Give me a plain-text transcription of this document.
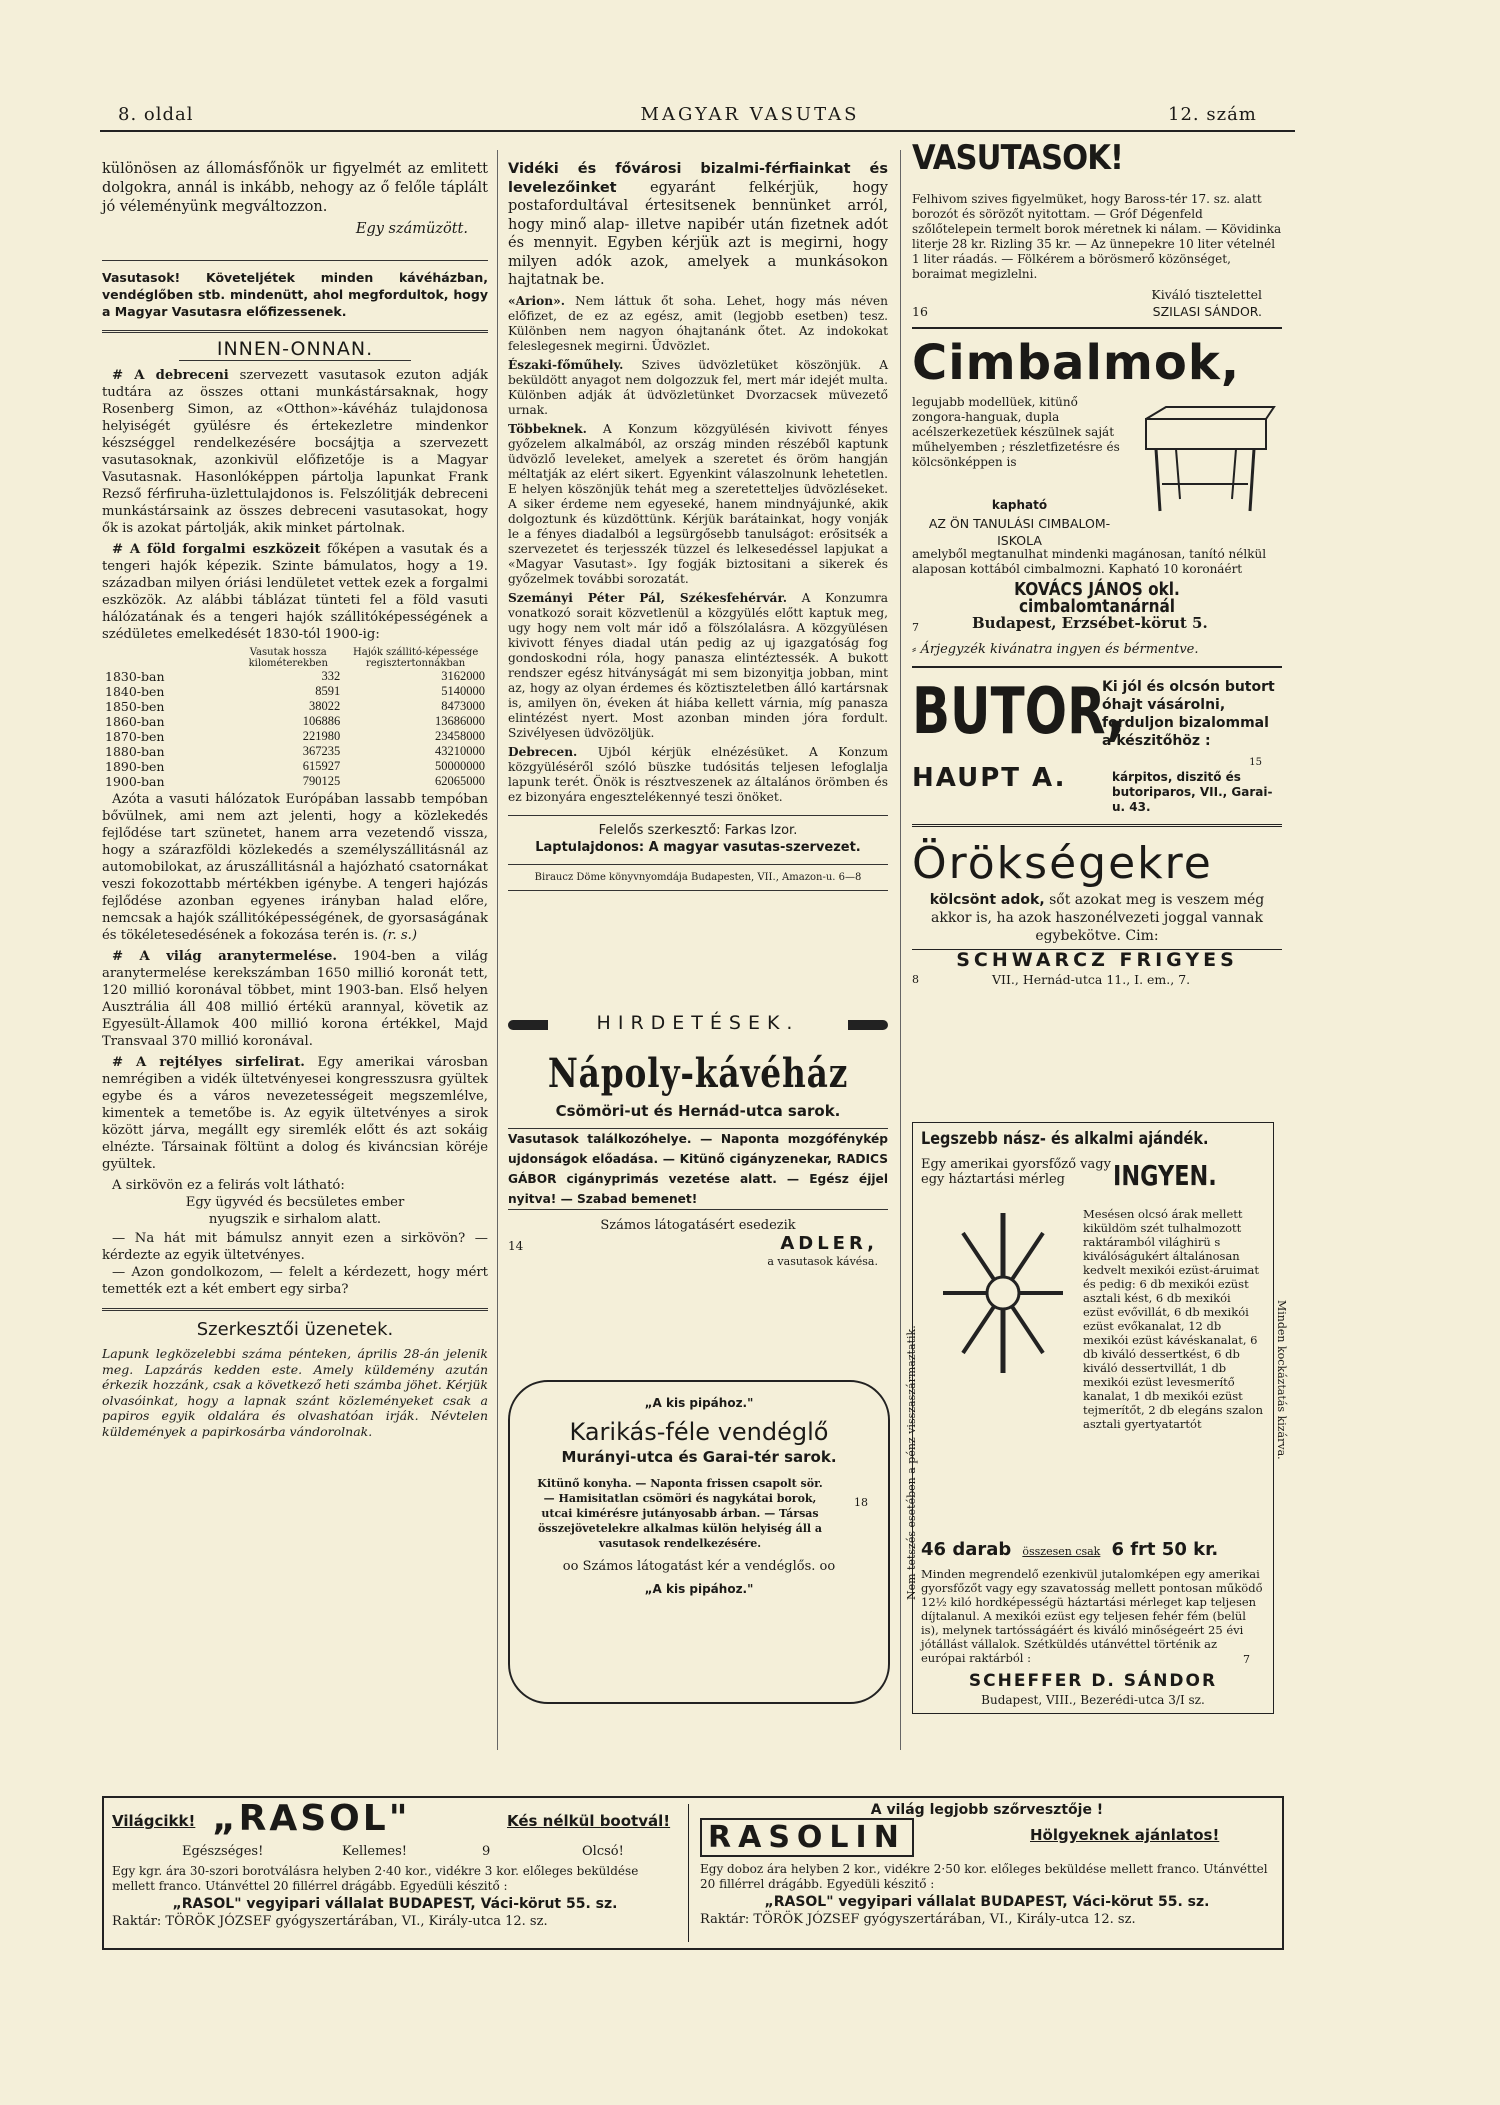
8. oldal	MAGYAR VASUTAS	12. szám

különösen az állomásfőnök ur figyelmét az emlitett dolgokra, annál is inkább, nehogy az ő felőle táplált jó véleményünk megváltozzon.

Egy számüzött.

Vasutasok! Követeljétek minden kávéházban, vendéglőben stb. mindenütt, ahol megfordultok, hogy a Magyar Vasutasra előfizessenek.

INNEN-ONNAN.

# A debreceni szervezett vasutasok ezuton adják tudtára az összes ottani munkástársaknak, hogy Rosenberg Simon, az «Otthon»-kávéház tulajdonosa helyiségét gyülésre és értekezletre mindenkor készséggel rendelkezésére bocsájtja a szervezett vasutasoknak, azonkivül előfizetője is a Magyar Vasutasnak. Hasonlóképpen pártolja lapunkat Frank Rezső férfiruha-üzlettulajdonos is. Felszólitják debreceni munkástársaink az összes debreceni vasutasokat, hogy ők is azokat pártolják, akik minket pártolnak.

# A föld forgalmi eszközeit főképen a vasutak és a tengeri hajók képezik. Szinte bámulatos, hogy a 19. században milyen óriási lendületet vettek ezek a forgalmi eszközök. Az alábbi táblázat tünteti fel a föld vasuti hálózatának és a tengeri hajók szállitóképességének a szédületes emelkedését 1830-tól 1900-ig:

	Vasutak hossza kilométerekben	Hajók szállitó-képessége regisztertonnákban
1830-ban	332	3162000
1840-ben	8591	5140000
1850-ben	38022	8473000
1860-ban	106886	13686000
1870-ben	221980	23458000
1880-ban	367235	43210000
1890-ben	615927	50000000
1900-ban	790125	62065000

Azóta a vasuti hálózatok Európában lassabb tempóban bővülnek, ami nem azt jelenti, hogy a közlekedés fejlődése tart szünetet, hanem arra vezetendő vissza, hogy a szárazföldi közlekedés a személyszállitásnál az automobilokat, az áruszállitásnál a hajózható csatornákat veszi fokozottabb mértékben igénybe. A tengeri hajózás fejlődése azonban egyenes irányban halad előre, nemcsak a hajók szállitóképességének, de gyorsaságának és tökéletesedésének a fokozása terén is. (r. s.)

# A világ aranytermelése. 1904-ben a világ aranytermelése kerekszámban 1650 millió koronát tett, 120 millió koronával többet, mint 1903-ban. Első helyen Ausztrália áll 408 millió értékü arannyal, követik az Egyesült-Államok 400 millió korona értékkel, Majd Transvaal 370 millió koronával.

# A rejtélyes sirfelirat. Egy amerikai városban nemrégiben a vidék ültetvényesei kongresszusra gyültek egybe és a város nevezetességeit megszemlélve, kimentek a temetőbe is. Az egyik ültetvényes a sirok között járva, megállt egy siremlék előtt és azt sokáig elnézte. Társainak föltünt a dolog és kiváncsian köréje gyültek.

A sirkövön ez a felirás volt látható:

Egy ügyvéd és becsületes ember

nyugszik e sirhalom alatt.

— Na hát mit bámulsz annyit ezen a sirkövön? — kérdezte az egyik ültetvényes.

— Azon gondolkozom, — felelt a kérdezett, hogy mért temették ezt a két embert egy sirba?

Szerkesztői üzenetek.

Lapunk legközelebbi száma pénteken, április 28-án jelenik meg. Lapzárás kedden este. Amely küldemény azután érkezik hozzánk, csak a következő heti számba jöhet. Kérjük olvasóinkat, hogy a lapnak szánt közleményeket csak a papiros egyik oldalára és olvashatóan irják. Névtelen küldemények a papirkosárba vándorolnak.

Vidéki és fővárosi bizalmi-férfiainkat és levelezőinket egyaránt felkérjük, hogy postafordultával értesitsenek bennünket arról, hogy minő alap- illetve napibér után fizetnek adót és mennyit. Egyben kérjük azt is megirni, hogy milyen adók azok, amelyek a munkásokon hajtatnak be.

«Arion». Nem láttuk őt soha. Lehet, hogy más néven előfizet, de ez az egész, amit (legjobb esetben) tesz. Különben nem nagyon óhajtanánk őtet. Az indokokat feleslegesnek megirni. Üdvözlet.

Északi-főműhely. Szives üdvözletüket köszönjük. A beküldött anyagot nem dolgozzuk fel, mert már idejét multa. Különben adják át üdvözletünket Dvorzacsek müvezető urnak.

Többeknek. A Konzum közgyülésén kivivott fényes győzelem alkalmából, az ország minden részéből kaptunk üdvözlő leveleket, amelyek a szeretet és öröm hangján méltatják az elért sikert. Egyenkint válaszolnunk lehetetlen. E helyen köszönjük tehát meg a szeretetteljes üdvözléseket. A siker érdeme nem egyeseké, hanem mindnyájunké, akik dolgoztunk és küzdöttünk. Kérjük barátainkat, hogy vonják le a fényes diadalból a legsürgősebb tanulságot: erősitsék a szervezetet és terjesszék tüzzel és lelkesedéssel lapjukat a «Magyar Vasutast». Igy fogják biztositani a sikerek és győzelmek további sorozatát.

Szemányi Péter Pál, Székesfehérvár. A Konzumra vonatkozó sorait közvetlenül a közgyülés előtt kaptuk meg, ugy hogy nem volt már idő a fölszólalásra. A közgyülésen kivivott fényes diadal után pedig az uj igazgatóság fog gondoskodni róla, hogy panasza elintéztessék. A bukott rendszer egész hitványságát mi sem bizonyitja jobban, mint az, hogy az olyan érdemes és köztiszteletben álló kartársnak is, amilyen ön, éveken át hiába kellett várnia, míg panasza elintézést nyert. Most azonban minden jóra fordult. Szivélyesen üdvözöljük.

Debrecen. Ujból kérjük elnézésüket. A Konzum közgyüléséről szóló büszke tudósitás teljesen lefoglalja lapunk terét. Önök is résztveszenek az általános örömben és ez bizonyára engesztelékennyé teszi önöket.

Felelős szerkesztő: Farkas Izor.
Laptulajdonos: A magyar vasutas-szervezet.
Biraucz Döme könyvnyomdája Budapesten, VII., Amazon-u. 6—8
HIRDETÉSEK.
Nápoly-kávéház
Csömöri-ut és Hernád-utca sarok.

Vasutasok találkozóhelye. — Naponta mozgófénykép ujdonságok előadása. — Kitünő cigányzenekar, RADICS GÁBOR cigányprimás vezetése alatt. — Egész éjjel nyitva! — Szabad bemenet!

Számos látogatásért esedezik
14	ADLER,
a vasutasok kávésa.
„A kis pipához."
Karikás-féle vendéglő
Murányi-utca és Garai-tér sarok.

Kitünő konyha. — Naponta frissen csapolt sör. — Hamisitatlan csömöri és nagykátai borok, utcai kimérésre jutányosabb árban. — Társas összejövetelekre alkalmas külön helyiség áll a vasutasok rendelkezésére.

18
oo Számos látogatást kér a vendéglős. oo
„A kis pipához."
VASUTASOK!

Felhivom szives figyelmüket, hogy Baross-tér 17. sz. alatt borozót és sörözőt nyitottam. — Gróf Dégenfeld szőlőtelepein termelt borok méretnek ki nálam. — Kövidinka literje 28 kr. Rizling 35 kr. — Az ünnepekre 10 liter vételnél 1 liter ráadás. — Fölkérem a börösmerő közönséget, boraimat megizlelni.

Kiváló tisztelettel
16	SZILASI SÁNDOR.
Cimbalmok,

legujabb modellüek, kitünő zongora-hanguak, dupla acélszerkezetüek készülnek saját műhelyemben ; részletfizetésre és kölcsönképpen is

kapható
AZ ÖN TANULÁSI CIMBALOM-ISKOLA

amelyből megtanulhat mindenki magánosan, tanító nélkül alaposan kottából cimbalmozni. Kapható 10 koronáért

KOVÁCS JÁNOS okl. cimbalomtanárnál
7	Budapest, Erzsébet-körut 5.
⸗ Árjegyzék kivánatra ingyen és bérmentve.
BUTOR,

Ki jól és olcsón butort óhajt vásárolni, forduljon bizalommal a készitőhöz :

15
HAUPT A.	kárpitos, diszitő és butoriparos, VII., Garai-u. 43.
Örökségekre

kölcsönt adok, sőt azokat meg is veszem még akkor is, ha azok haszonélvezeti joggal vannak egybekötve. Cim:

SCHWARCZ FRIGYES
8	VII., Hernád-utca 11., I. em., 7.
Legszebb nász- és alkalmi ajándék.
Egy amerikai gyorsfőző vagy egy háztartási mérleg	INGYEN.

Mesésen olcsó árak mellett kiküldöm szét tulhalmozott raktáramból világhirü s kiválóságukért általánosan kedvelt mexikói ezüst-áruimat és pedig: 6 db mexikói ezüst asztali kést, 6 db mexikói ezüst evővillát, 6 db mexikói ezüst evőkanalat, 12 db mexikói ezüst kávéskanalat, 6 db kiváló dessertkést, 6 db kiváló dessertvillát, 1 db mexikói ezüst levesmerítő kanalat, 1 db mexikói ezüst tejmerítőt, 2 db elegáns szalon asztali gyertyatartót

46 darab összesen csak 6 frt 50 kr.

Minden megrendelő ezenkivül jutalomképen egy amerikai gyorsfőzőt vagy egy szavatosság mellett pontosan működő 12½ kiló hordképességü háztartási mérleget kap teljesen díjtalanul. A mexikói ezüst egy teljesen fehér fém (belül is), melynek tartósságáért és kiváló minőségeért 25 évi jótállást vállalok. Szétküldés utánvéttel történik az európai raktárból :	7
SCHEFFER D. SÁNDOR
Budapest, VIII., Bezerédi-utca 3/I sz.
Nem tetszés esetében a pénz visszaszármaztatik.	Minden kockáztatás kizárva.
Világcikk! „RASOL"	Kés nélkül bootvál!
Egészséges!	Kellemes!	9	Olcsó!

Egy kgr. ára 30-szori borotválásra helyben 2·40 kor., vidékre 3 kor. előleges beküldése mellett franco. Utánvéttel 20 fillérrel drágább. Egyedüli készitő :

„RASOL" vegyipari vállalat BUDAPEST, Váci-körut 55. sz.
Raktár: TÖRÖK JÓZSEF gyógyszertárában, VI., Király-utca 12. sz.
A világ legjobb szőrvesztője !
RASOLIN	Hölgyeknek ajánlatos!

Egy doboz ára helyben 2 kor., vidékre 2·50 kor. előleges beküldése mellett franco. Utánvéttel 20 fillérrel drágább. Egyedüli készitő :

„RASOL" vegyipari vállalat BUDAPEST, Váci-körut 55. sz.
Raktár: TÖRÖK JÓZSEF gyógyszertárában, VI., Király-utca 12. sz.
